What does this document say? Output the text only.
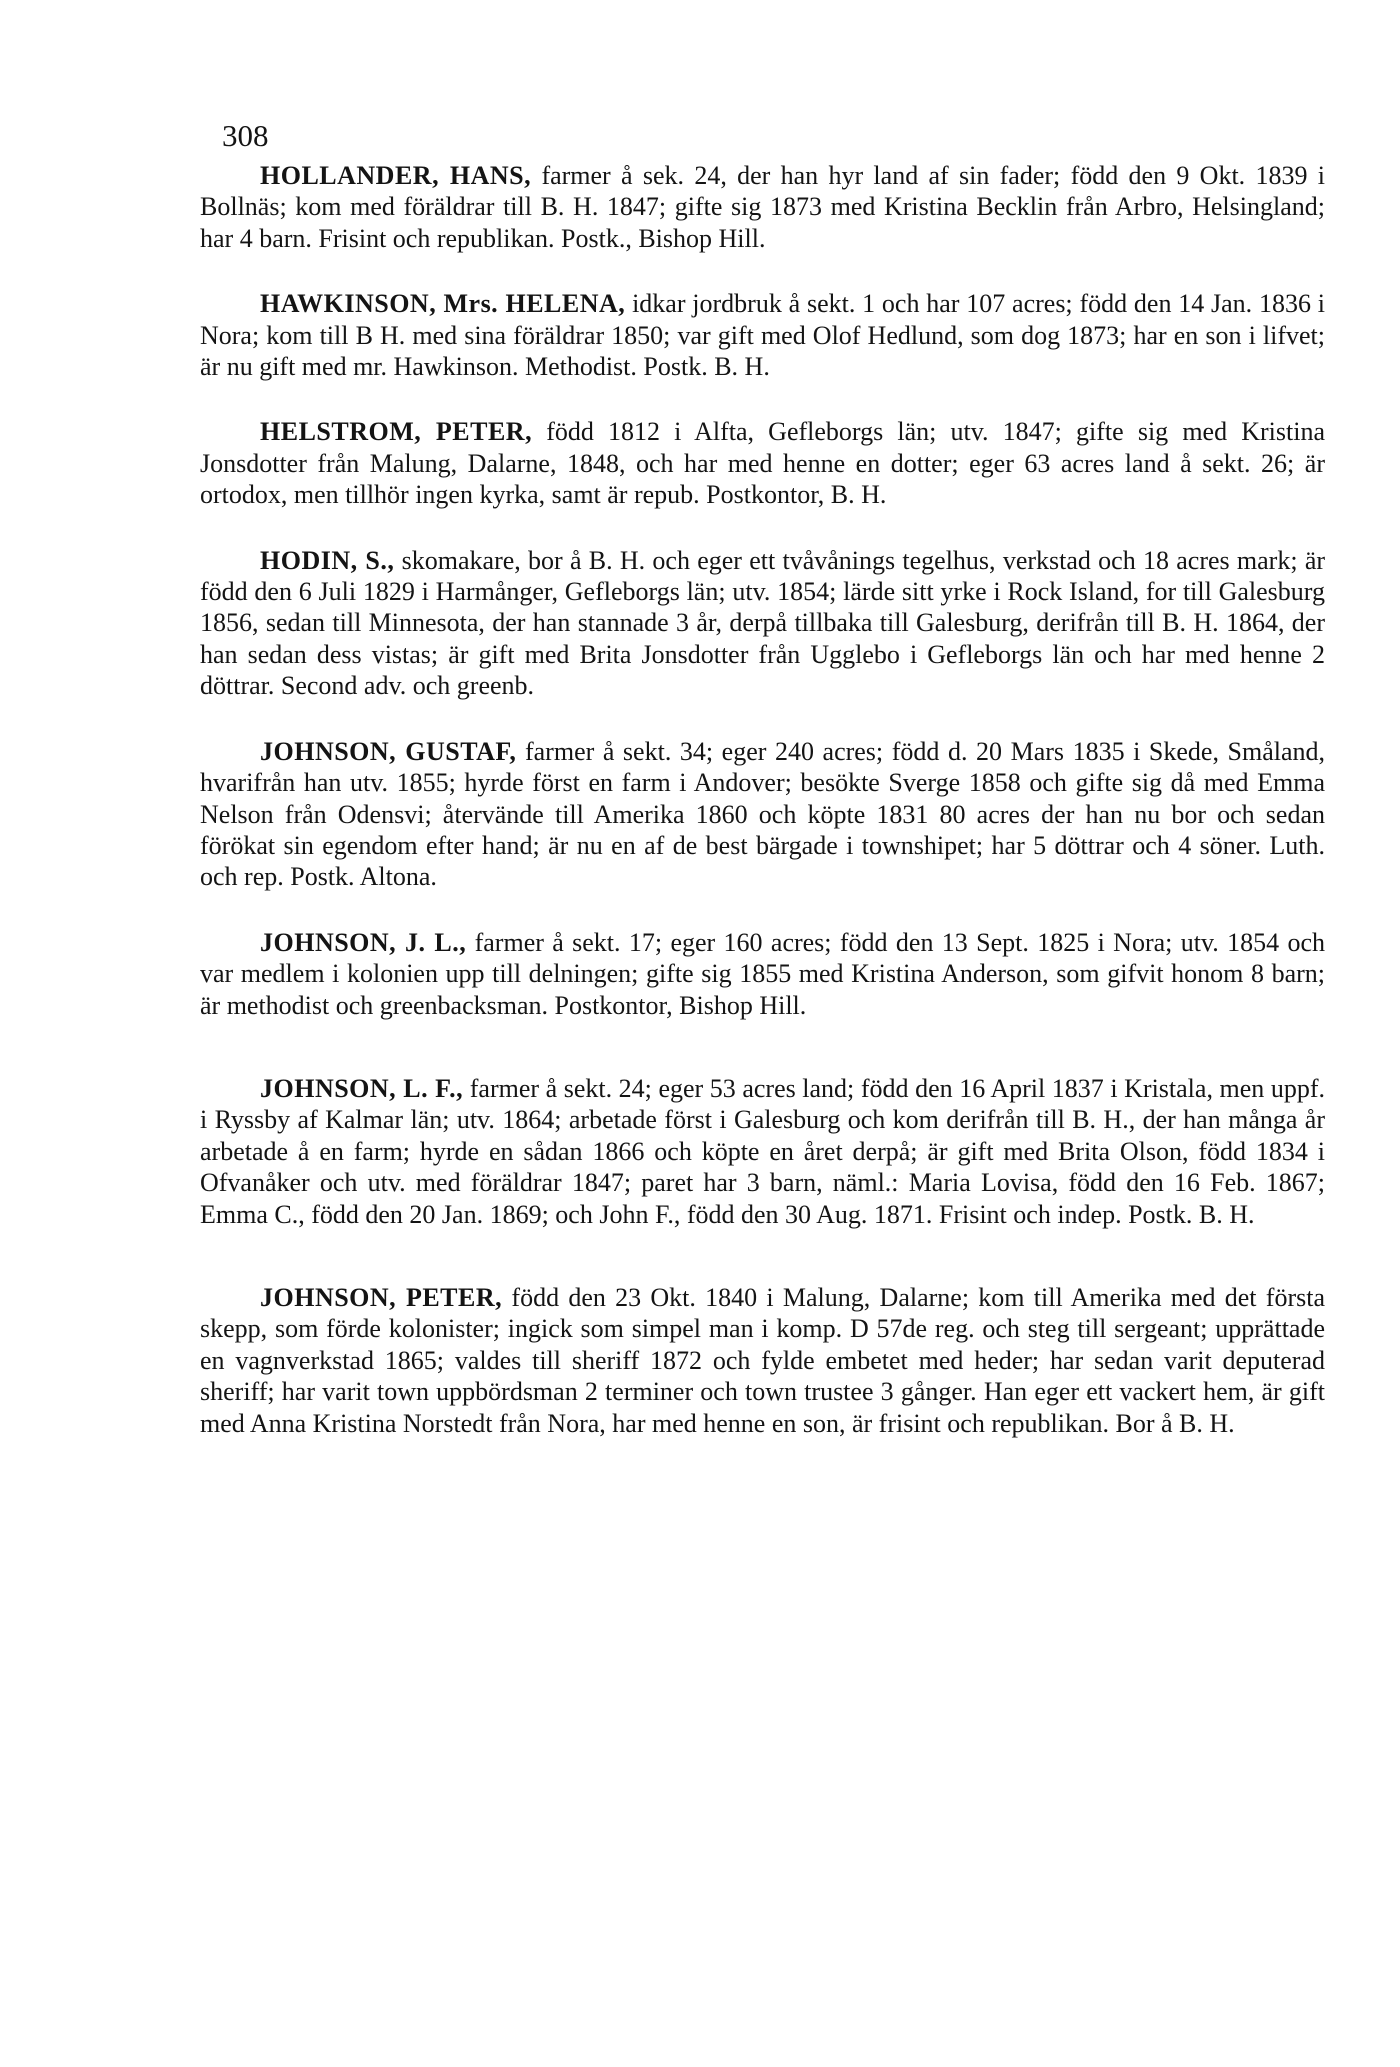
308

HOLLANDER, HANS, farmer å sek. 24, der han hyr land af sin fader; född den 9 Okt. 1839 i Bollnäs; kom med föräldrar till B. H. 1847; gifte sig 1873 med Kristina Becklin från Arbro, Helsingland; har 4 barn. Frisint och republikan. Postk., Bishop Hill.

HAWKINSON, Mrs. HELENA, idkar jordbruk å sekt. 1 och har 107 acres; född den 14 Jan. 1836 i Nora; kom till B H. med sina föräldrar 1850; var gift med Olof Hedlund, som dog 1873; har en son i lifvet; är nu gift med mr. Hawkinson. Methodist. Postk. B. H.

HELSTROM, PETER, född 1812 i Alfta, Gefleborgs län; utv. 1847; gifte sig med Kristina Jonsdotter från Malung, Dalarne, 1848, och har med henne en dotter; eger 63 acres land å sekt. 26; är ortodox, men tillhör ingen kyrka, samt är repub. Postkontor, B. H.

HODIN, S., skomakare, bor å B. H. och eger ett tvåvånings tegelhus, verkstad och 18 acres mark; är född den 6 Juli 1829 i Harmånger, Gefleborgs län; utv. 1854; lärde sitt yrke i Rock Island, for till Galesburg 1856, sedan till Minnesota, der han stannade 3 år, derpå tillbaka till Galesburg, derifrån till B. H. 1864, der han sedan dess vistas; är gift med Brita Jonsdotter från Ugglebo i Gefleborgs län och har med henne 2 döttrar. Second adv. och greenb.

JOHNSON, GUSTAF, farmer å sekt. 34; eger 240 acres; född d. 20 Mars 1835 i Skede, Småland, hvarifrån han utv. 1855; hyrde först en farm i Andover; besökte Sverge 1858 och gifte sig då med Emma Nelson från Odensvi; återvände till Amerika 1860 och köpte 1831 80 acres der han nu bor och sedan förökat sin egendom efter hand; är nu en af de best bärgade i townshipet; har 5 döttrar och 4 söner. Luth. och rep. Postk. Altona.

JOHNSON, J. L., farmer å sekt. 17; eger 160 acres; född den 13 Sept. 1825 i Nora; utv. 1854 och var medlem i kolonien upp till delningen; gifte sig 1855 med Kristina Anderson, som gifvit honom 8 barn; är methodist och greenbacksman. Postkontor, Bishop Hill.

JOHNSON, L. F., farmer å sekt. 24; eger 53 acres land; född den 16 April 1837 i Kristala, men uppf. i Ryssby af Kalmar län; utv. 1864; arbetade först i Galesburg och kom derifrån till B. H., der han många år arbetade å en farm; hyrde en sådan 1866 och köpte en året derpå; är gift med Brita Olson, född 1834 i Ofvanåker och utv. med föräldrar 1847; paret har 3 barn, näml.: Maria Lovisa, född den 16 Feb. 1867; Emma C., född den 20 Jan. 1869; och John F., född den 30 Aug. 1871. Frisint och indep. Postk. B. H.

JOHNSON, PETER, född den 23 Okt. 1840 i Malung, Dalarne; kom till Amerika med det första skepp, som förde kolonister; ingick som simpel man i komp. D 57de reg. och steg till sergeant; upprättade en vagnverkstad 1865; valdes till sheriff 1872 och fylde embetet med heder; har sedan varit deputerad sheriff; har varit town uppbördsman 2 terminer och town trustee 3 gånger. Han eger ett vackert hem, är gift med Anna Kristina Norstedt från Nora, har med henne en son, är frisint och republikan. Bor å B. H.
